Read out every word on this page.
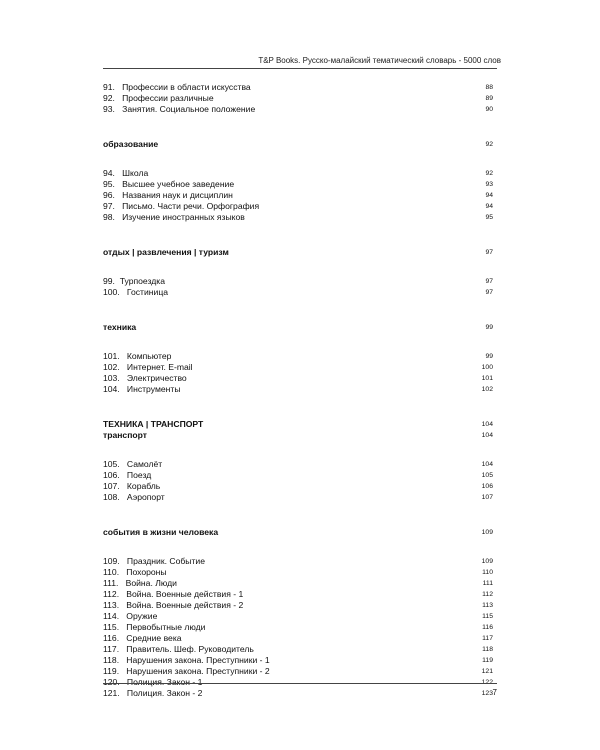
T&P Books. Русско-малайский тематический словарь - 5000 слов
91. Профессии в области искусства	88
92. Профессии различные	89
93. Занятия. Социальное положение	90
образование	92
94. Школа	92
95. Высшее учебное заведение	93
96. Названия наук и дисциплин	94
97. Письмо. Части речи. Орфография	94
98. Изучение иностранных языков	95
отдых | развлечения | туризм	97
99. Турпоездка	97
100. Гостиница	97
техника	99
101. Компьютер	99
102. Интернет. E-mail	100
103. Электричество	101
104. Инструменты	102
ТЕХНИКА | ТРАНСПОРТ	104
транспорт	104
105. Самолёт	104
106. Поезд	105
107. Корабль	106
108. Аэропорт	107
события в жизни человека	109
109. Праздник. Событие	109
110. Похороны	110
111. Война. Люди	111
112. Война. Военные действия - 1	112
113. Война. Военные действия - 2	113
114. Оружие	115
115. Первобытные люди	116
116. Средние века	117
117. Правитель. Шеф. Руководитель	118
118. Нарушения закона. Преступники - 1	119
119. Нарушения закона. Преступники - 2	121
120. Полиция. Закон - 1	122
121. Полиция. Закон - 2	123 7
